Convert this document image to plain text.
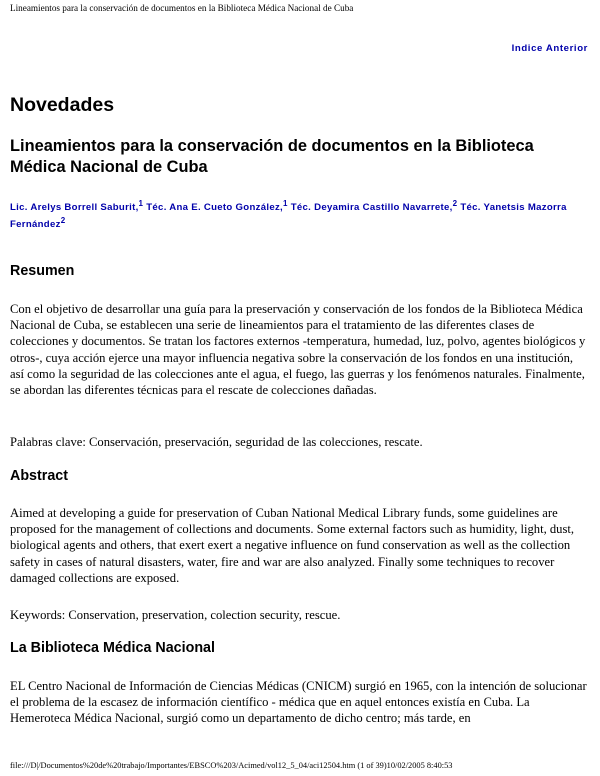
Lineamientos para la conservación de documentos en la Biblioteca Médica Nacional de Cuba
Indice Anterior
Novedades
Lineamientos para la conservación de documentos en la Biblioteca Médica Nacional de Cuba

Lic. Arelys Borrell Saburit,$^1$ Téc. Ana E. Cueto González,$^1$ Téc. Deyamira Castillo Navarrete,$^2$ Téc. Yanetsis Mazorra Fernández$^2$

Resumen

Con el objetivo de desarrollar una guía para la preservación y conservación de los fondos de la Biblioteca Médica Nacional de Cuba, se establecen una serie de lineamientos para el tratamiento de las diferentes clases de colecciones y documentos. Se tratan los factores externos -temperatura, humedad, luz, polvo, agentes biológicos y otros-, cuya acción ejerce una mayor influencia negativa sobre la conservación de los fondos en una institución, así como la seguridad de las colecciones ante el agua, el fuego, las guerras y los fenómenos naturales. Finalmente, se abordan las diferentes técnicas para el rescate de colecciones dañadas.

Palabras clave: Conservación, preservación, seguridad de las colecciones, rescate.

Abstract

Aimed at developing a guide for preservation of Cuban National Medical Library funds, some guidelines are proposed for the management of collections and documents. Some external factors such as humidity, light, dust, biological agents and others, that exert exert a negative influence on fund conservation as well as the collection safety in cases of natural disasters, water, fire and war are also analyzed. Finally some techniques to recover damaged collections are exposed.

Keywords: Conservation, preservation, colection security, rescue.

La Biblioteca Médica Nacional

EL Centro Nacional de Información de Ciencias Médicas (CNICM) surgió en 1965, con la intención de solucionar el problema de la escasez de información científico - médica que en aquel entonces existía en Cuba. La Hemeroteca Médica Nacional, surgió como un departamento de dicho centro; más tarde, en

file:///D|/Documentos%20de%20trabajo/Importantes/EBSCO%203/Acimed/vol12_5_04/aci12504.htm (1 of 39)10/02/2005 8:40:53
